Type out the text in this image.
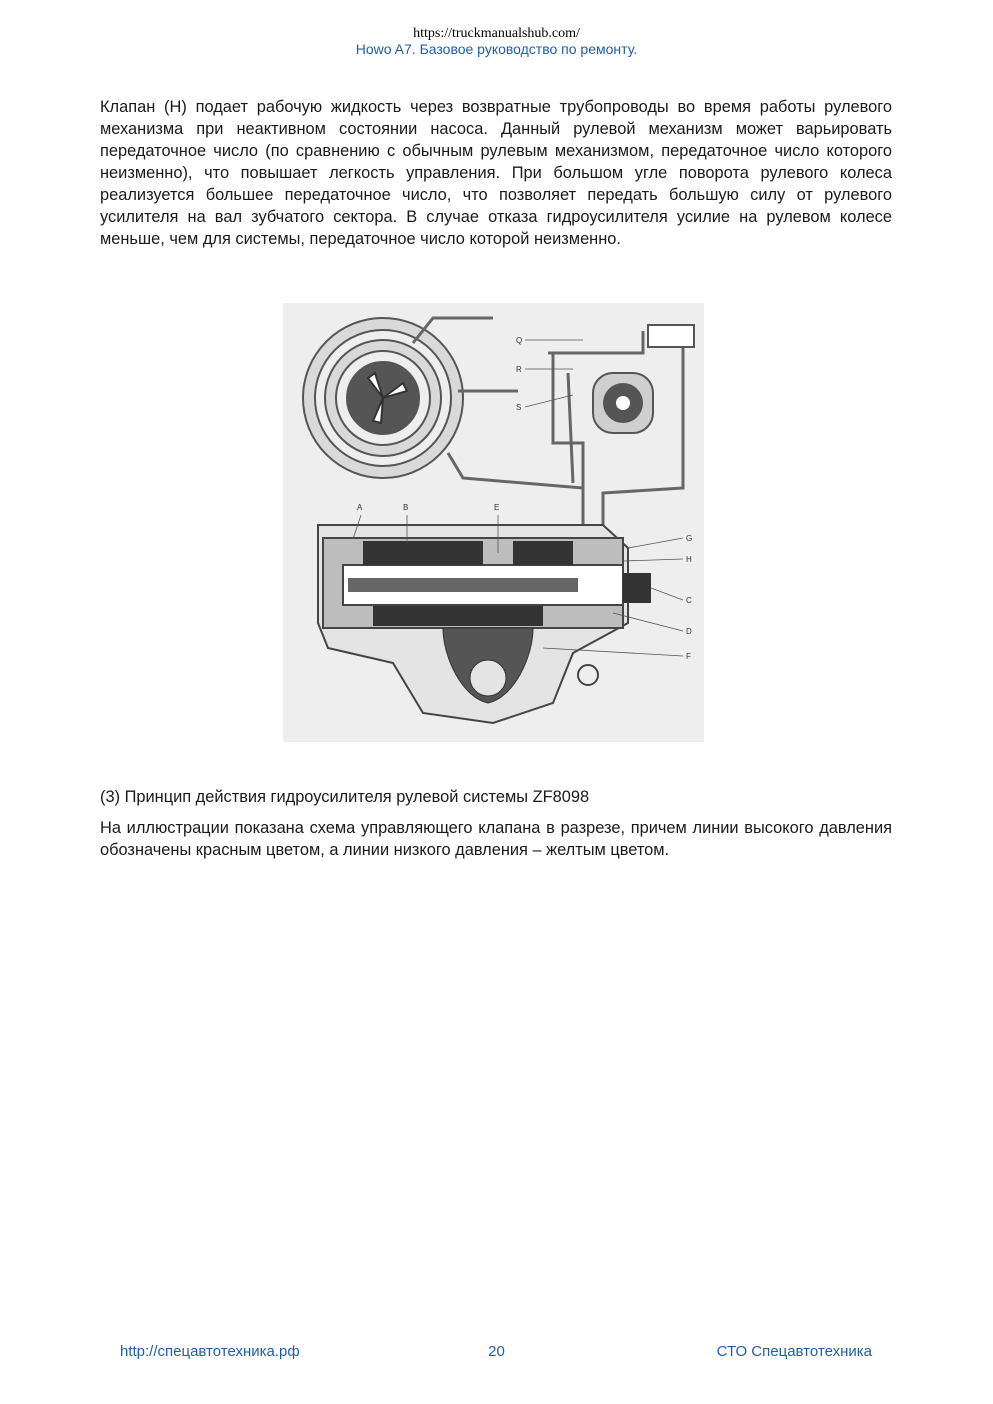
https://truckmanualshub.com/
Howo A7. Базовое руководство по ремонту.

Клапан (H) подает рабочую жидкость через возвратные трубопроводы во время работы рулевого механизма при неактивном состоянии насоса. Данный рулевой механизм может варьировать передаточное число (по сравнению с обычным рулевым механизмом, передаточное число которого неизменно), что повышает легкость управления. При большом угле поворота рулевого колеса реализуется большее передаточное число, что позволяет передать большую силу от рулевого усилителя на вал зубчатого сектора. В случае отказа гидроусилителя усилие на рулевом колесе меньше, чем для системы, передаточное число которой неизменно.

Q
R
S
A	B	E
G
H
C
D
F

(3) Принцип действия гидроусилителя рулевой системы ZF8098

На иллюстрации показана схема управляющего клапана в разрезе, причем линии высокого давления обозначены красным цветом, а линии низкого давления – желтым цветом.

http://спецавтотехника.рф	20	СТО Спецавтотехника
